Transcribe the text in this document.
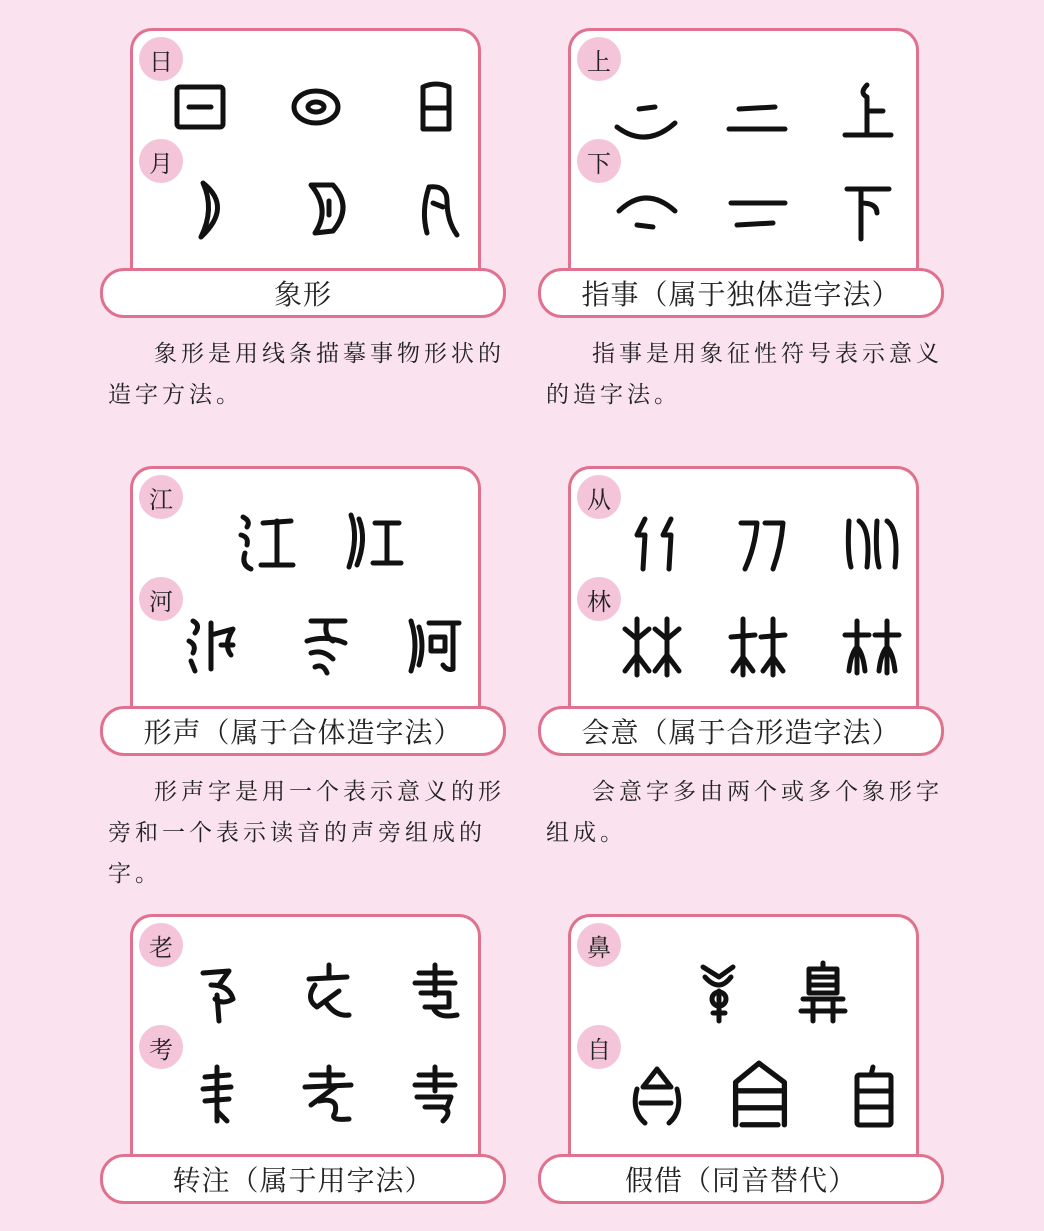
日
月
象形
象形是用线条描摹事物形状的造字方法。
上
下
指事（属于独体造字法）
指事是用象征性符号表示意义的造字法。
江
河
形声（属于合体造字法）
形声字是用一个表示意义的形旁和一个表示读音的声旁组成的字。
从
林
会意（属于合形造字法）
会意字多由两个或多个象形字组成。
老
考
转注（属于用字法）
鼻
自
假借（同音替代）
